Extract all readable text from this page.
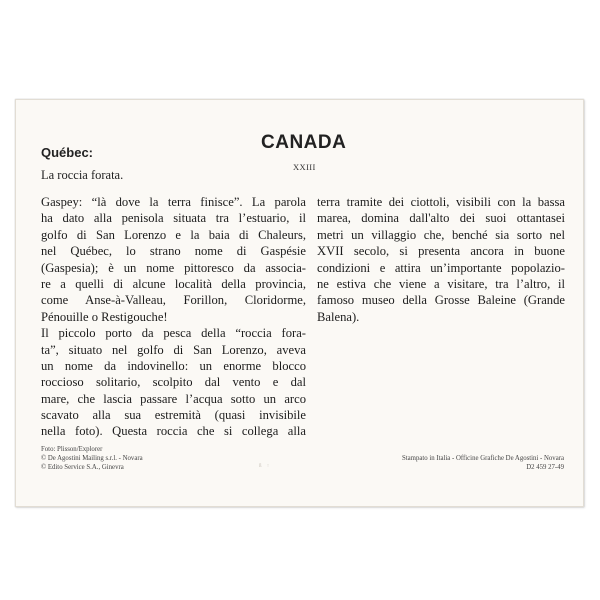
CANADA
XXIII
Québec:
La roccia forata.
Gaspey: “là dove la terra finisce”. La parola
ha dato alla penisola situata tra l’estuario, il
golfo di San Lorenzo e la baia di Chaleurs,
nel Québec, lo strano nome di Gaspésie
(Gaspesia); è un nome pittoresco da associa-
re a quelli di alcune località della provincia,
come Anse-à-Valleau, Forillon, Cloridorme,
Pénouille o Restigouche!
Il piccolo porto da pesca della “roccia fora-
ta”, situato nel golfo di San Lorenzo, aveva
un nome da indovinello: un enorme blocco
roccioso solitario, scolpito dal vento e dal
mare, che lascia passare l’acqua sotto un arco
scavato alla sua estremità (quasi invisibile
nella foto). Questa roccia che si collega alla
terra tramite dei ciottoli, visibili con la bassa
marea, domina dall'alto dei suoi ottantasei
metri un villaggio che, benché sia sorto nel
XVII secolo, si presenta ancora in buone
condizioni e attira un’importante popolazio-
ne estiva che viene a visitare, tra l’altro, il
famoso museo della Grosse Baleine (Grande
Balena).
Foto: Plisson/Explorer
© De Agostini Mailing s.r.l. - Novara
© Edito Service S.A., Ginevra	ß ↑
Stampato in Italia - Officine Grafiche De Agostini - Novara
D2 459 27-49
